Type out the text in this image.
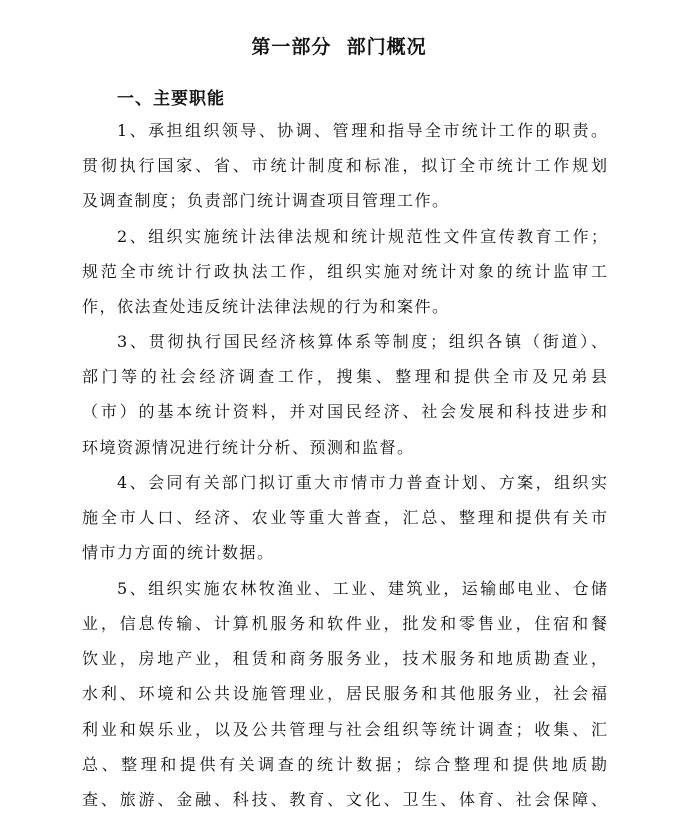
第一部分  部门概况
一、主要职能
1、承担组织领导、协调、管理和指导全市统计工作的职责。
贯彻执行国家、省、市统计制度和标准，拟订全市统计工作规划
及调查制度；负责部门统计调查项目管理工作。
2、组织实施统计法律法规和统计规范性文件宣传教育工作；
规范全市统计行政执法工作，组织实施对统计对象的统计监审工
作，依法查处违反统计法律法规的行为和案件。
3、贯彻执行国民经济核算体系等制度；组织各镇（街道）、
部门等的社会经济调查工作，搜集、整理和提供全市及兄弟县
（市）的基本统计资料，并对国民经济、社会发展和科技进步和
环境资源情况进行统计分析、预测和监督。
4、会同有关部门拟订重大市情市力普查计划、方案，组织实
施全市人口、经济、农业等重大普查，汇总、整理和提供有关市
情市力方面的统计数据。
5、组织实施农林牧渔业、工业、建筑业，运输邮电业、仓储
业，信息传输、计算机服务和软件业，批发和零售业，住宿和餐
饮业，房地产业，租赁和商务服务业，技术服务和地质勘查业，
水利、环境和公共设施管理业，居民服务和其他服务业，社会福
利业和娱乐业，以及公共管理与社会组织等统计调查；收集、汇
总、整理和提供有关调查的统计数据；综合整理和提供地质勘
查、旅游、金融、科技、教育、文化、卫生、体育、社会保障、
